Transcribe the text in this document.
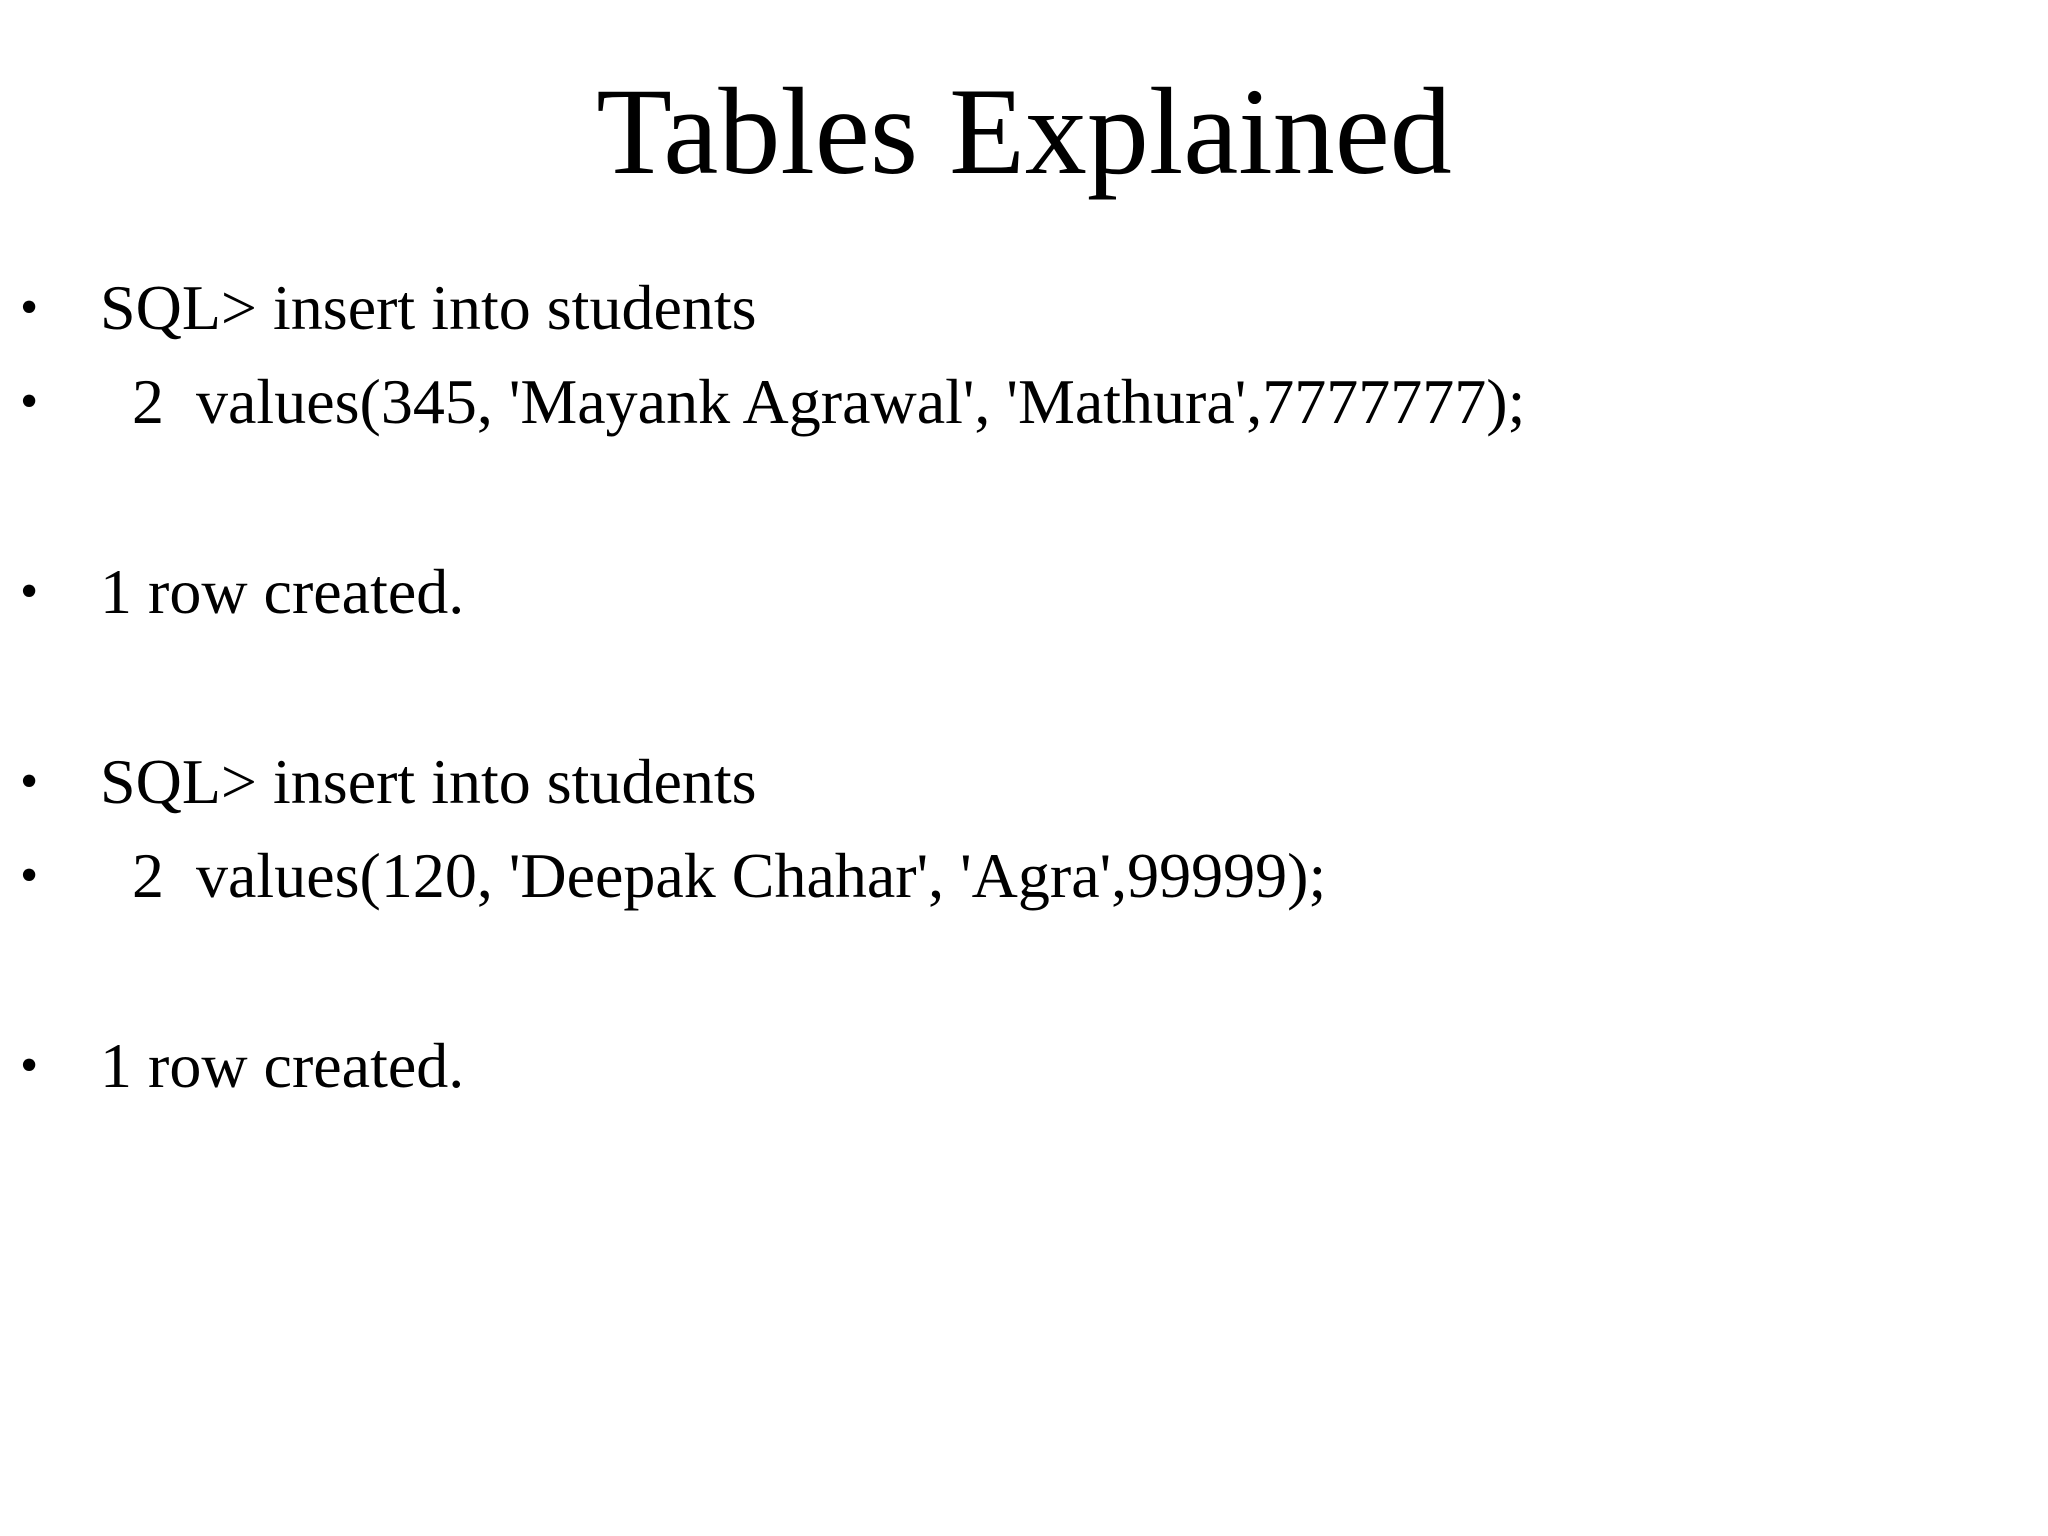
Tables Explained

•

SQL> insert into students

•

2  values(345, 'Mayank Agrawal', 'Mathura',7777777);

•

1 row created.

•

SQL> insert into students

•

2  values(120, 'Deepak Chahar', 'Agra',99999);

•

1 row created.
